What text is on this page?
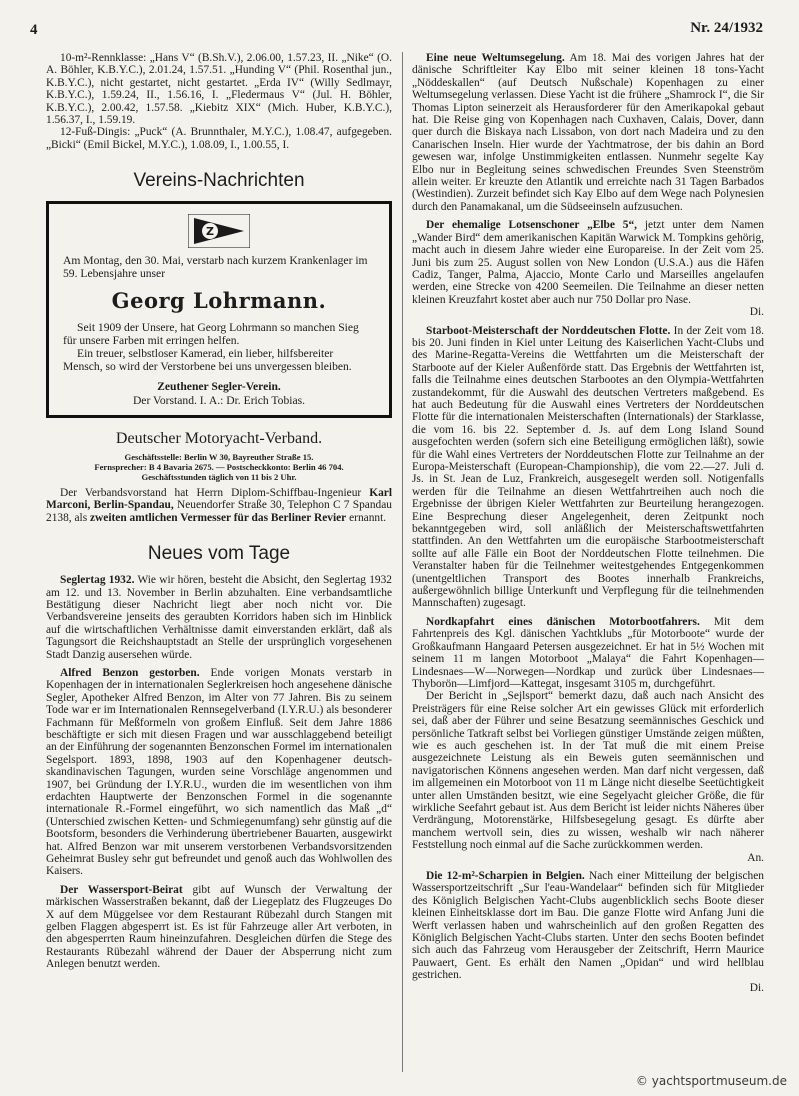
4	Nr. 24/1932

10-m²-Rennklasse: „Hans V“ (B.Sh.V.), 2.06.00, 1.57.23, II. „Nike“ (O. A. Böhler, K.B.Y.C.), 2.01.24, 1.57.51. „Hunding V“ (Phil. Rosenthal jun., K.B.Y.C.), nicht gestartet, nicht gestartet. „Erda IV“ (Willy Sedlmayr, K.B.Y.C.), 1.59.24, II., 1.56.16, I. „Fledermaus V“ (Jul. H. Böhler, K.B.Y.C.), 2.00.42, 1.57.58. „Kiebitz XIX“ (Mich. Huber, K.B.Y.C.), 1.56.37, I., 1.59.19.

12-Fuß-Dingis: „Puck“ (A. Brunnthaler, M.Y.C.), 1.08.47, aufgegeben. „Bicki“ (Emil Bickel, M.Y.C.), 1.08.09, I., 1.00.55, I.

Vereins-Nachrichten
Z

Am Montag, den 30. Mai, verstarb nach kurzem Krankenlager im 59. Lebensjahre unser

Georg Lohrmann.

Seit 1909 der Unsere, hat Georg Lohrmann so manchen Sieg für unsere Farben mit erringen helfen.

Ein treuer, selbstloser Kamerad, ein lieber, hilfsbereiter Mensch, so wird der Verstorbene bei uns unvergessen bleiben.

Zeuthener Segler-Verein.
Der Vorstand. I. A.: Dr. Erich Tobias.
Deutscher Motoryacht-Verband.
Geschäftsstelle: Berlin W 30, Bayreuther Straße 15.
Fernsprecher: B 4 Bavaria 2675. — Postscheckkonto: Berlin 46 704.
Geschäftsstunden täglich von 11 bis 2 Uhr.

Der Verbandsvorstand hat Herrn Diplom-Schiffbau-Ingenieur Karl Marconi, Berlin-Spandau, Neuendorfer Straße 30, Telephon C 7 Spandau 2138, als zweiten amtlichen Vermesser für das Berliner Revier ernannt.

Neues vom Tage

Seglertag 1932. Wie wir hören, besteht die Absicht, den Seglertag 1932 am 12. und 13. November in Berlin abzuhalten. Eine verbandsamtliche Bestätigung dieser Nachricht liegt aber noch nicht vor. Die Verbandsvereine jenseits des geraubten Korridors haben sich im Hinblick auf die wirtschaftlichen Verhältnisse damit einverstanden erklärt, daß als Tagungsort die Reichshauptstadt an Stelle der ursprünglich vorgesehenen Stadt Danzig ausersehen würde.

Alfred Benzon gestorben. Ende vorigen Monats verstarb in Kopenhagen der in internationalen Seglerkreisen hoch angesehene dänische Segler, Apotheker Alfred Benzon, im Alter von 77 Jahren. Bis zu seinem Tode war er im Internationalen Rennsegelverband (I.Y.R.U.) als besonderer Fachmann für Meßformeln von großem Einfluß. Seit dem Jahre 1886 beschäftigte er sich mit diesen Fragen und war ausschlaggebend beteiligt an der Einführung der sogenannten Benzonschen Formel im internationalen Segelsport. 1893, 1898, 1903 auf den Kopenhagener deutsch-skandinavischen Tagungen, wurden seine Vorschläge angenommen und 1907, bei Gründung der I.Y.R.U., wurden die im wesentlichen von ihm erdachten Hauptwerte der Benzonschen Formel in die sogenannte internationale R.-Formel eingeführt, wo sich namentlich das Maß „d“ (Unterschied zwischen Ketten- und Schmiegenumfang) sehr günstig auf die Bootsform, besonders die Verhinderung übertriebener Bauarten, ausgewirkt hat. Alfred Benzon war mit unserem verstorbenen Verbandsvorsitzenden Geheimrat Busley sehr gut befreundet und genoß auch das Wohlwollen des Kaisers.

Der Wassersport-Beirat gibt auf Wunsch der Verwaltung der märkischen Wasserstraßen bekannt, daß der Liegeplatz des Flugzeuges Do X auf dem Müggelsee vor dem Restaurant Rübezahl durch Stangen mit gelben Flaggen abgesperrt ist. Es ist für Fahrzeuge aller Art verboten, in den abgesperrten Raum hineinzufahren. Desgleichen dürfen die Stege des Restaurants Rübezahl während der Dauer der Absperrung nicht zum Anlegen benutzt werden.

Eine neue Weltumsegelung. Am 18. Mai des vorigen Jahres hat der dänische Schriftleiter Kay Elbo mit seiner kleinen 18 tons-Yacht „Nöddeskallen“ (auf Deutsch Nußschale) Kopenhagen zu einer Weltumsegelung verlassen. Diese Yacht ist die frühere „Shamrock I“, die Sir Thomas Lipton seinerzeit als Herausforderer für den Amerikapokal gebaut hat. Die Reise ging von Kopenhagen nach Cuxhaven, Calais, Dover, dann quer durch die Biskaya nach Lissabon, von dort nach Madeira und zu den Canarischen Inseln. Hier wurde der Yachtmatrose, der bis dahin an Bord gewesen war, infolge Unstimmigkeiten entlassen. Nunmehr segelte Kay Elbo nur in Begleitung seines schwedischen Freundes Sven Steenström allein weiter. Er kreuzte den Atlantik und erreichte nach 31 Tagen Barbados (Westindien). Zurzeit befindet sich Kay Elbo auf dem Wege nach Polynesien durch den Panamakanal, um die Südseeinseln aufzusuchen.

Der ehemalige Lotsenschoner „Elbe 5“, jetzt unter dem Namen „Wander Bird“ dem amerikanischen Kapitän Warwick M. Tompkins gehörig, macht auch in diesem Jahre wieder eine Europareise. In der Zeit vom 25. Juni bis zum 25. August sollen von New London (U.S.A.) aus die Häfen Cadiz, Tanger, Palma, Ajaccio, Monte Carlo und Marseilles angelaufen werden, eine Strecke von 4200 Seemeilen. Die Teilnahme an dieser netten kleinen Kreuzfahrt kostet aber auch nur 750 Dollar pro Nase.

Di.

Starboot-Meisterschaft der Norddeutschen Flotte. In der Zeit vom 18. bis 20. Juni finden in Kiel unter Leitung des Kaiserlichen Yacht-Clubs und des Marine-Regatta-Vereins die Wettfahrten um die Meisterschaft der Starboote auf der Kieler Außenförde statt. Das Ergebnis der Wettfahrten ist, falls die Teilnahme eines deutschen Starbootes an den Olympia-Wettfahrten zustandekommt, für die Auswahl des deutschen Vertreters maßgebend. Es hat auch Bedeutung für die Auswahl eines Vertreters der Norddeutschen Flotte für die internationalen Meisterschaften (Internationals) der Starklasse, die vom 16. bis 22. September d. Js. auf dem Long Island Sound ausgefochten werden (sofern sich eine Beteiligung ermöglichen läßt), sowie für die Wahl eines Vertreters der Norddeutschen Flotte zur Teilnahme an der Europa-Meisterschaft (European-Championship), die vom 22.—27. Juli d. Js. in St. Jean de Luz, Frankreich, ausgesegelt werden soll. Notigenfalls werden für die Teilnahme an diesen Wettfahrtreihen auch noch die Ergebnisse der übrigen Kieler Wettfahrten zur Beurteilung herangezogen. Eine Besprechung dieser Angelegenheit, deren Zeitpunkt noch bekanntgegeben wird, soll anläßlich der Meisterschaftswettfahrten stattfinden. An den Wettfahrten um die europäische Starbootmeisterschaft sollte auf alle Fälle ein Boot der Norddeutschen Flotte teilnehmen. Die Veranstalter haben für die Teilnehmer weitestgehendes Entgegenkommen (unentgeltlichen Transport des Bootes innerhalb Frankreichs, außergewöhnlich billige Unterkunft und Verpflegung für die teilnehmenden Mannschaften) zugesagt.

Nordkapfahrt eines dänischen Motorbootfahrers. Mit dem Fahrtenpreis des Kgl. dänischen Yachtklubs „für Motorboote“ wurde der Großkaufmann Hangaard Petersen ausgezeichnet. Er hat in 5½ Wochen mit seinem 11 m langen Motorboot „Malaya“ die Fahrt Kopenhagen—Lindesnaes—W—Norwegen—Nordkap und zurück über Lindesnaes—Thyborön—Limfjord—Kattegat, insgesamt 3105 m, durchgeführt.

Der Bericht in „Sejlsport“ bemerkt dazu, daß auch nach Ansicht des Preisträgers für eine Reise solcher Art ein gewisses Glück mit erforderlich sei, daß aber der Führer und seine Besatzung seemännisches Geschick und persönliche Tatkraft selbst bei Vorliegen günstiger Umstände zeigen müßten, wie es auch geschehen ist. In der Tat muß die mit einem Preise ausgezeichnete Leistung als ein Beweis guten seemännischen und navigatorischen Könnens angesehen werden. Man darf nicht vergessen, daß im allgemeinen ein Motorboot von 11 m Länge nicht dieselbe Seetüchtigkeit unter allen Umständen besitzt, wie eine Segelyacht gleicher Größe, die für wirkliche Seefahrt gebaut ist. Aus dem Bericht ist leider nichts Näheres über Verdrängung, Motorenstärke, Hilfsbesegelung gesagt. Es dürfte aber manchem wertvoll sein, dies zu wissen, weshalb wir nach näherer Feststellung noch einmal auf die Sache zurückkommen werden.

An.

Die 12-m²-Scharpien in Belgien. Nach einer Mitteilung der belgischen Wassersportzeitschrift „Sur l'eau-Wandelaar“ befinden sich für Mitglieder des Königlich Belgischen Yacht-Clubs augenblicklich sechs Boote dieser kleinen Einheitsklasse dort im Bau. Die ganze Flotte wird Anfang Juni die Werft verlassen haben und wahrscheinlich auf den großen Regatten des Königlich Belgischen Yacht-Clubs starten. Unter den sechs Booten befindet sich auch das Fahrzeug vom Herausgeber der Zeitschrift, Herrn Maurice Pauwaert, Gent. Es erhält den Namen „Opidan“ und wird hellblau gestrichen.

Di.
© yachtsportmuseum.de
